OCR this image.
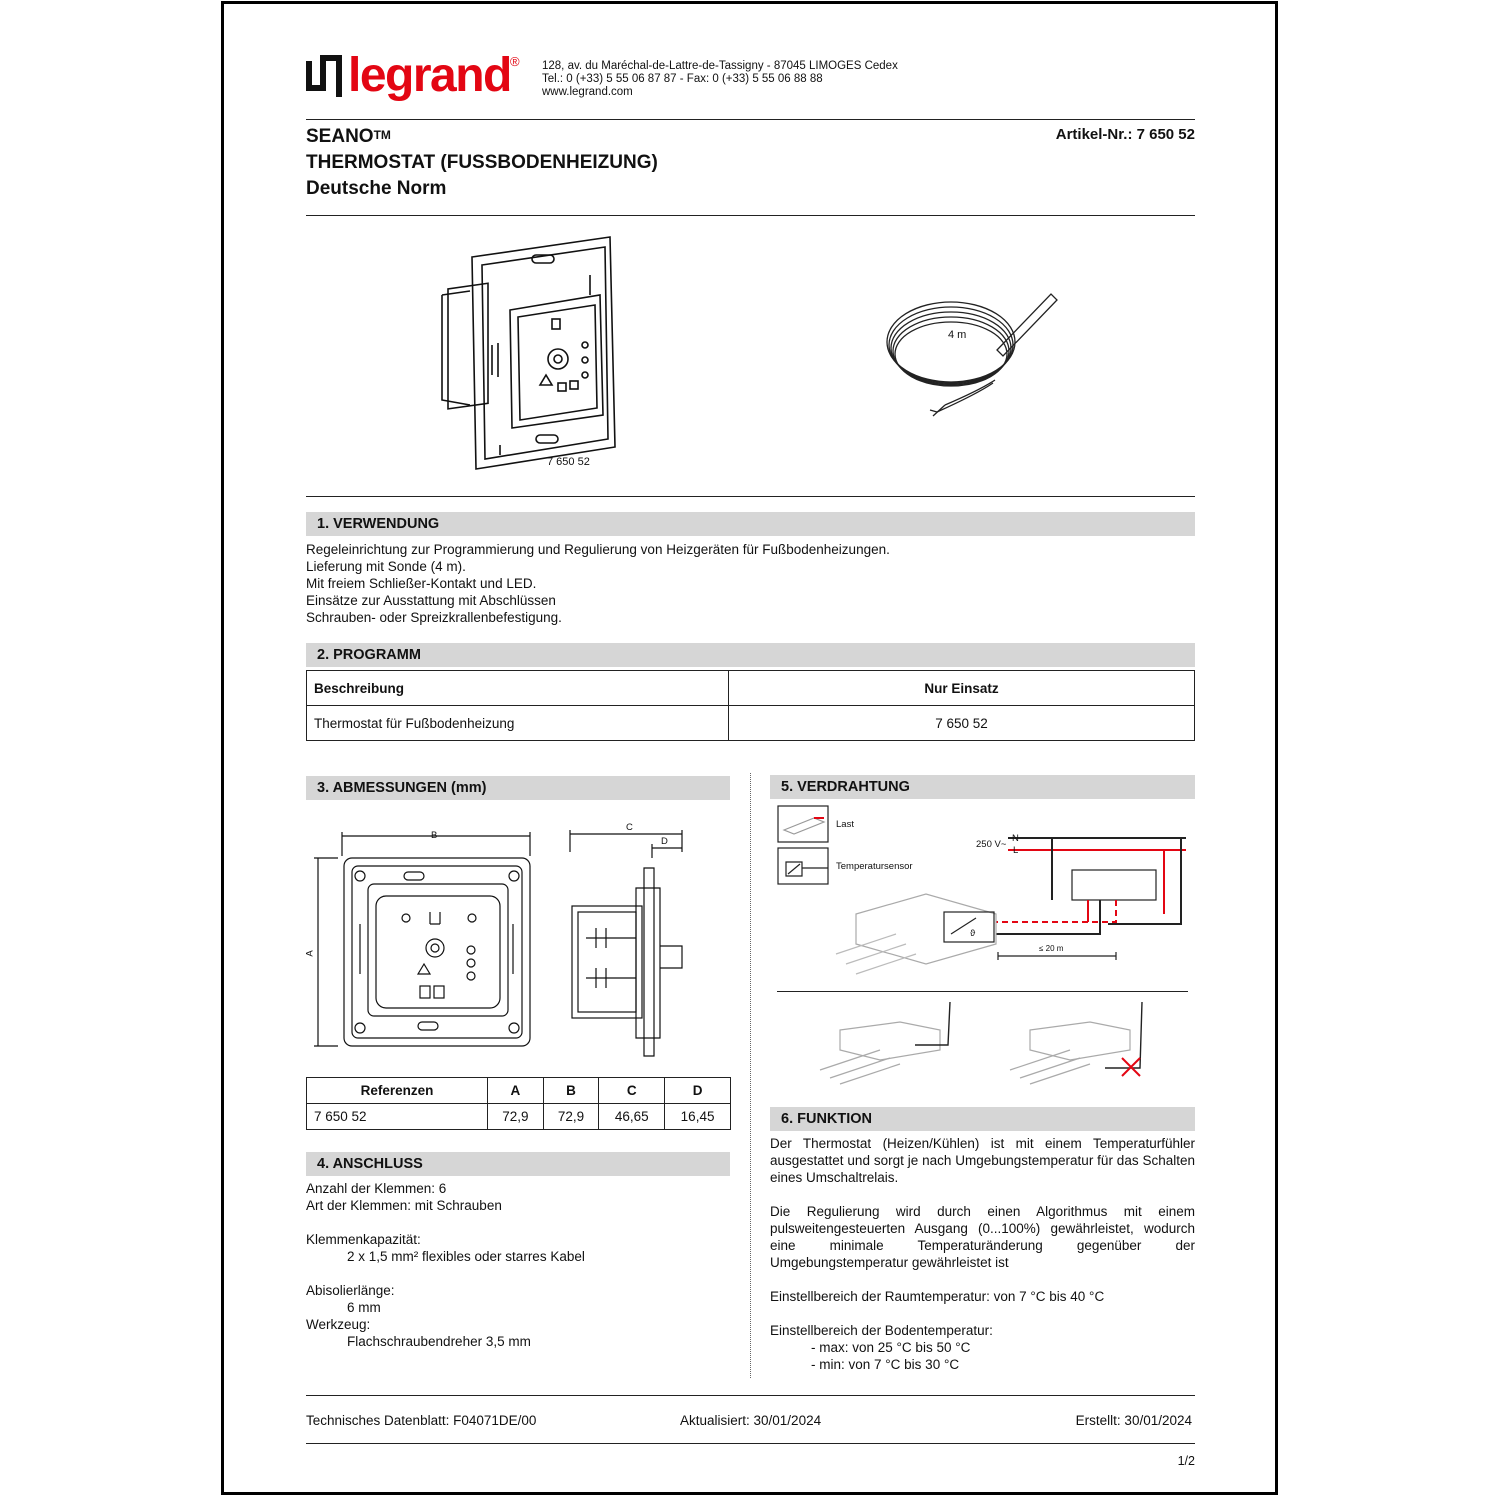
legrand ® 128, av. du Maréchal-de-Lattre-de-Tassigny - 87045 LIMOGES Cedex
Tel.: 0 (+33) 5 55 06 87 87 - Fax: 0 (+33) 5 55 06 88 88
www.legrand.com
SEANO™
THERMOSTAT (FUSSBODENHEIZUNG)
Deutsche Norm
Artikel-Nr.: 7 650 52
7 650 52
4 m
1. VERWENDUNG
Regeleinrichtung zur Programmierung und Regulierung von Heizgeräten für Fußbodenheizungen.
Lieferung mit Sonde (4 m).
Mit freiem Schließer-Kontakt und LED.
Einsätze zur Ausstattung mit Abschlüssen
Schrauben- oder Spreizkrallenbefestigung.
2. PROGRAMM
Beschreibung	Nur Einsatz
Thermostat für Fußbodenheizung	7 650 52
3. ABMESSUNGEN (mm)
B
A
C
D
Referenzen	A	B	C	D
7 650 52	72,9	72,9	46,65	16,45
4. ANSCHLUSS
Anzahl der Klemmen: 6
Art der Klemmen: mit Schrauben
Klemmenkapazität:
2 x 1,5 mm² flexibles oder starres Kabel
Abisolierlänge:
6 mm
Werkzeug:
Flachschraubendreher 3,5 mm
5. VERDRAHTUNG
Last
Temperatursensor
250 V~
N
L
≤ 20 m
ϑ
6. FUNKTION
Der Thermostat (Heizen/Kühlen) ist mit einem Temperaturfühler ausgestattet und sorgt je nach Umgebungstemperatur für das Schalten eines Umschaltrelais.
Die Regulierung wird durch einen Algorithmus mit einem pulsweitengesteuerten Ausgang (0...100%) gewährleistet, wodurch eine minimale Temperaturänderung gegenüber der Umgebungstemperatur gewährleistet ist
Einstellbereich der Raumtemperatur: von 7 °C bis 40 °C
Einstellbereich der Bodentemperatur:
- max: von 25 °C bis 50 °C
- min: von 7 °C bis 30 °C
Technisches Datenblatt: F04071DE/00	Aktualisiert: 30/01/2024	Erstellt: 30/01/2024
1/2
